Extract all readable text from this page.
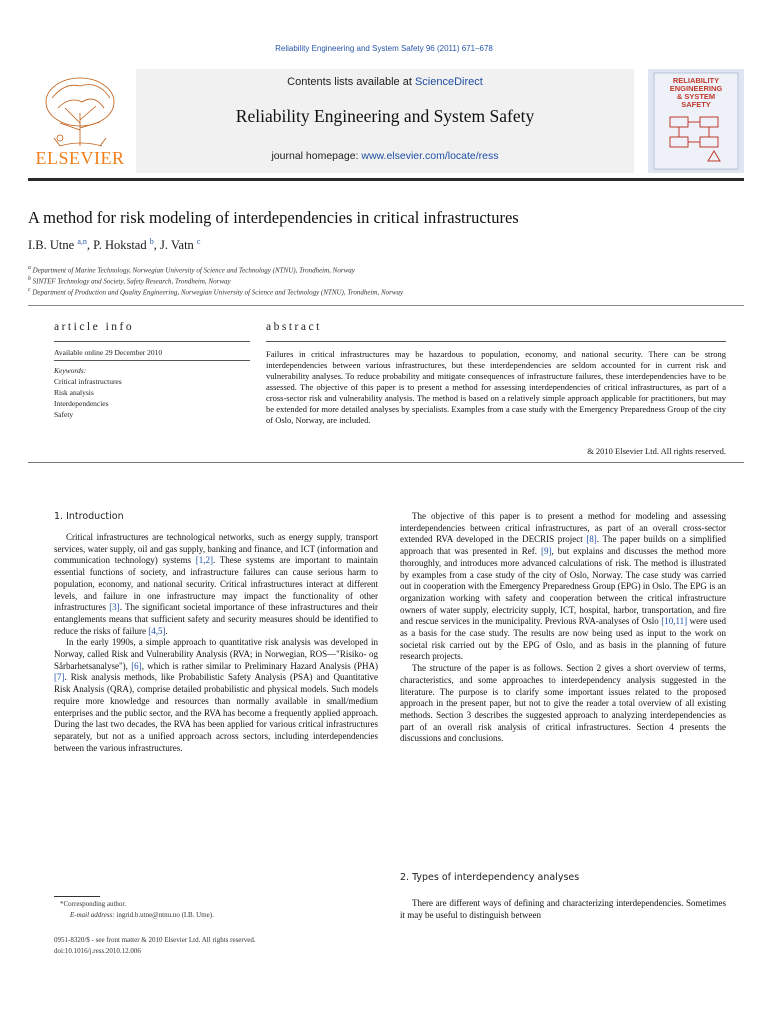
Reliability Engineering and System Safety 96 (2011) 671–678
ELSEVIER
Contents lists available at ScienceDirect
Reliability Engineering and System Safety
journal homepage: www.elsevier.com/locate/ress
RELIABILITY
ENGINEERING
& SYSTEM
SAFETY
A method for risk modeling of interdependencies in critical infrastructures
I.B. Utne $^{a,n}$, P. Hokstad $^b$, J. Vatn $^c$
$^a$ Department of Marine Technology, Norwegian University of Science and Technology (NTNU), Trondheim, Norway
$^b$ SINTEF Technology and Society, Safety Research, Trondheim, Norway
$^c$ Department of Production and Quality Engineering, Norwegian University of Science and Technology (NTNU), Trondheim, Norway
article info
Available online 29 December 2010
Keywords:
Critical infrastructures
Risk analysis
Interdependencies
Safety
abstract
Failures in critical infrastructures may be hazardous to population, economy, and national security. There can be strong interdependencies between various infrastructures, but these interdependencies are seldom accounted for in current risk and vulnerability analyses. To reduce probability and mitigate consequences of infrastructure failures, these interdependencies have to be assessed. The objective of this paper is to present a method for assessing interdependencies of critical infrastructures, as part of a cross-sector risk and vulnerability analysis. The method is based on a relatively simple approach applicable for practitioners, but may be extended for more detailed analyses by specialists. Examples from a case study with the Emergency Preparedness Group of the city of Oslo, Norway, are included.
& 2010 Elsevier Ltd. All rights reserved.
1. Introduction

Critical infrastructures are technological networks, such as energy supply, transport services, water supply, oil and gas supply, banking and finance, and ICT (information and communication technology) systems [1,2]. These systems are important to maintain essential functions of society, and infrastructure failures can cause serious harm to population, economy, and national security. Critical infrastructures interact at different levels, and failure in one infrastructure may impact the functionality of other infrastructures [3]. The significant societal importance of these infrastructures and their entanglements means that sufficient safety and security measures should be identified to reduce the risks of failure [4,5].

In the early 1990s, a simple approach to quantitative risk analysis was developed in Norway, called Risk and Vulnerability Analysis (RVA; in Norwegian, ROS—"Risiko- og Sårbarhetsanalyse"), [6], which is rather similar to Preliminary Hazard Analysis (PHA) [7]. Risk analysis methods, like Probabilistic Safety Analysis (PSA) and Quantitative Risk Analysis (QRA), comprise detailed probabilistic and physical models. Such models require more knowledge and resources than normally available in small/medium enterprises and the public sector, and the RVA has become a frequently applied approach. During the last two decades, the RVA has been applied for various critical infrastructures separately, but not as a unified approach across sectors, including interdependencies between the various infrastructures.

*Corresponding author.
E-mail address: ingrid.b.utne@ntnu.no (I.B. Utne).
0951-8320/$ - see front matter & 2010 Elsevier Ltd. All rights reserved.
doi:10.1016/j.ress.2010.12.006

The objective of this paper is to present a method for modeling and assessing interdependencies between critical infrastructures, as part of an overall cross-sector extended RVA developed in the DECRIS project [8]. The paper builds on a simplified approach that was presented in Ref. [9], but explains and discusses the method more thoroughly, and introduces more advanced calculations of risk. The method is illustrated by examples from a case study of the city of Oslo, Norway. The case study was carried out in cooperation with the Emergency Preparedness Group (EPG) in Oslo. The EPG is an organization working with safety and cooperation between the critical infrastructure owners of water supply, electricity supply, ICT, hospital, harbor, transportation, and fire and rescue services in the municipality. Previous RVA-analyses of Oslo [10,11] were used as a basis for the case study. The results are now being used as input to the work on societal risk carried out by the EPG of Oslo, and as basis in the planning of future research projects.

The structure of the paper is as follows. Section 2 gives a short overview of terms, characteristics, and some approaches to interdependency analysis suggested in the literature. The purpose is to clarify some important issues related to the proposed approach in the present paper, but not to give the reader a total overview of all existing methods. Section 3 describes the suggested approach to analyzing interdependencies as part of an overall risk analysis of critical infrastructures. Section 4 presents the discussions and conclusions.

2. Types of interdependency analyses

There are different ways of defining and characterizing interdependencies. Sometimes it may be useful to distinguish between
